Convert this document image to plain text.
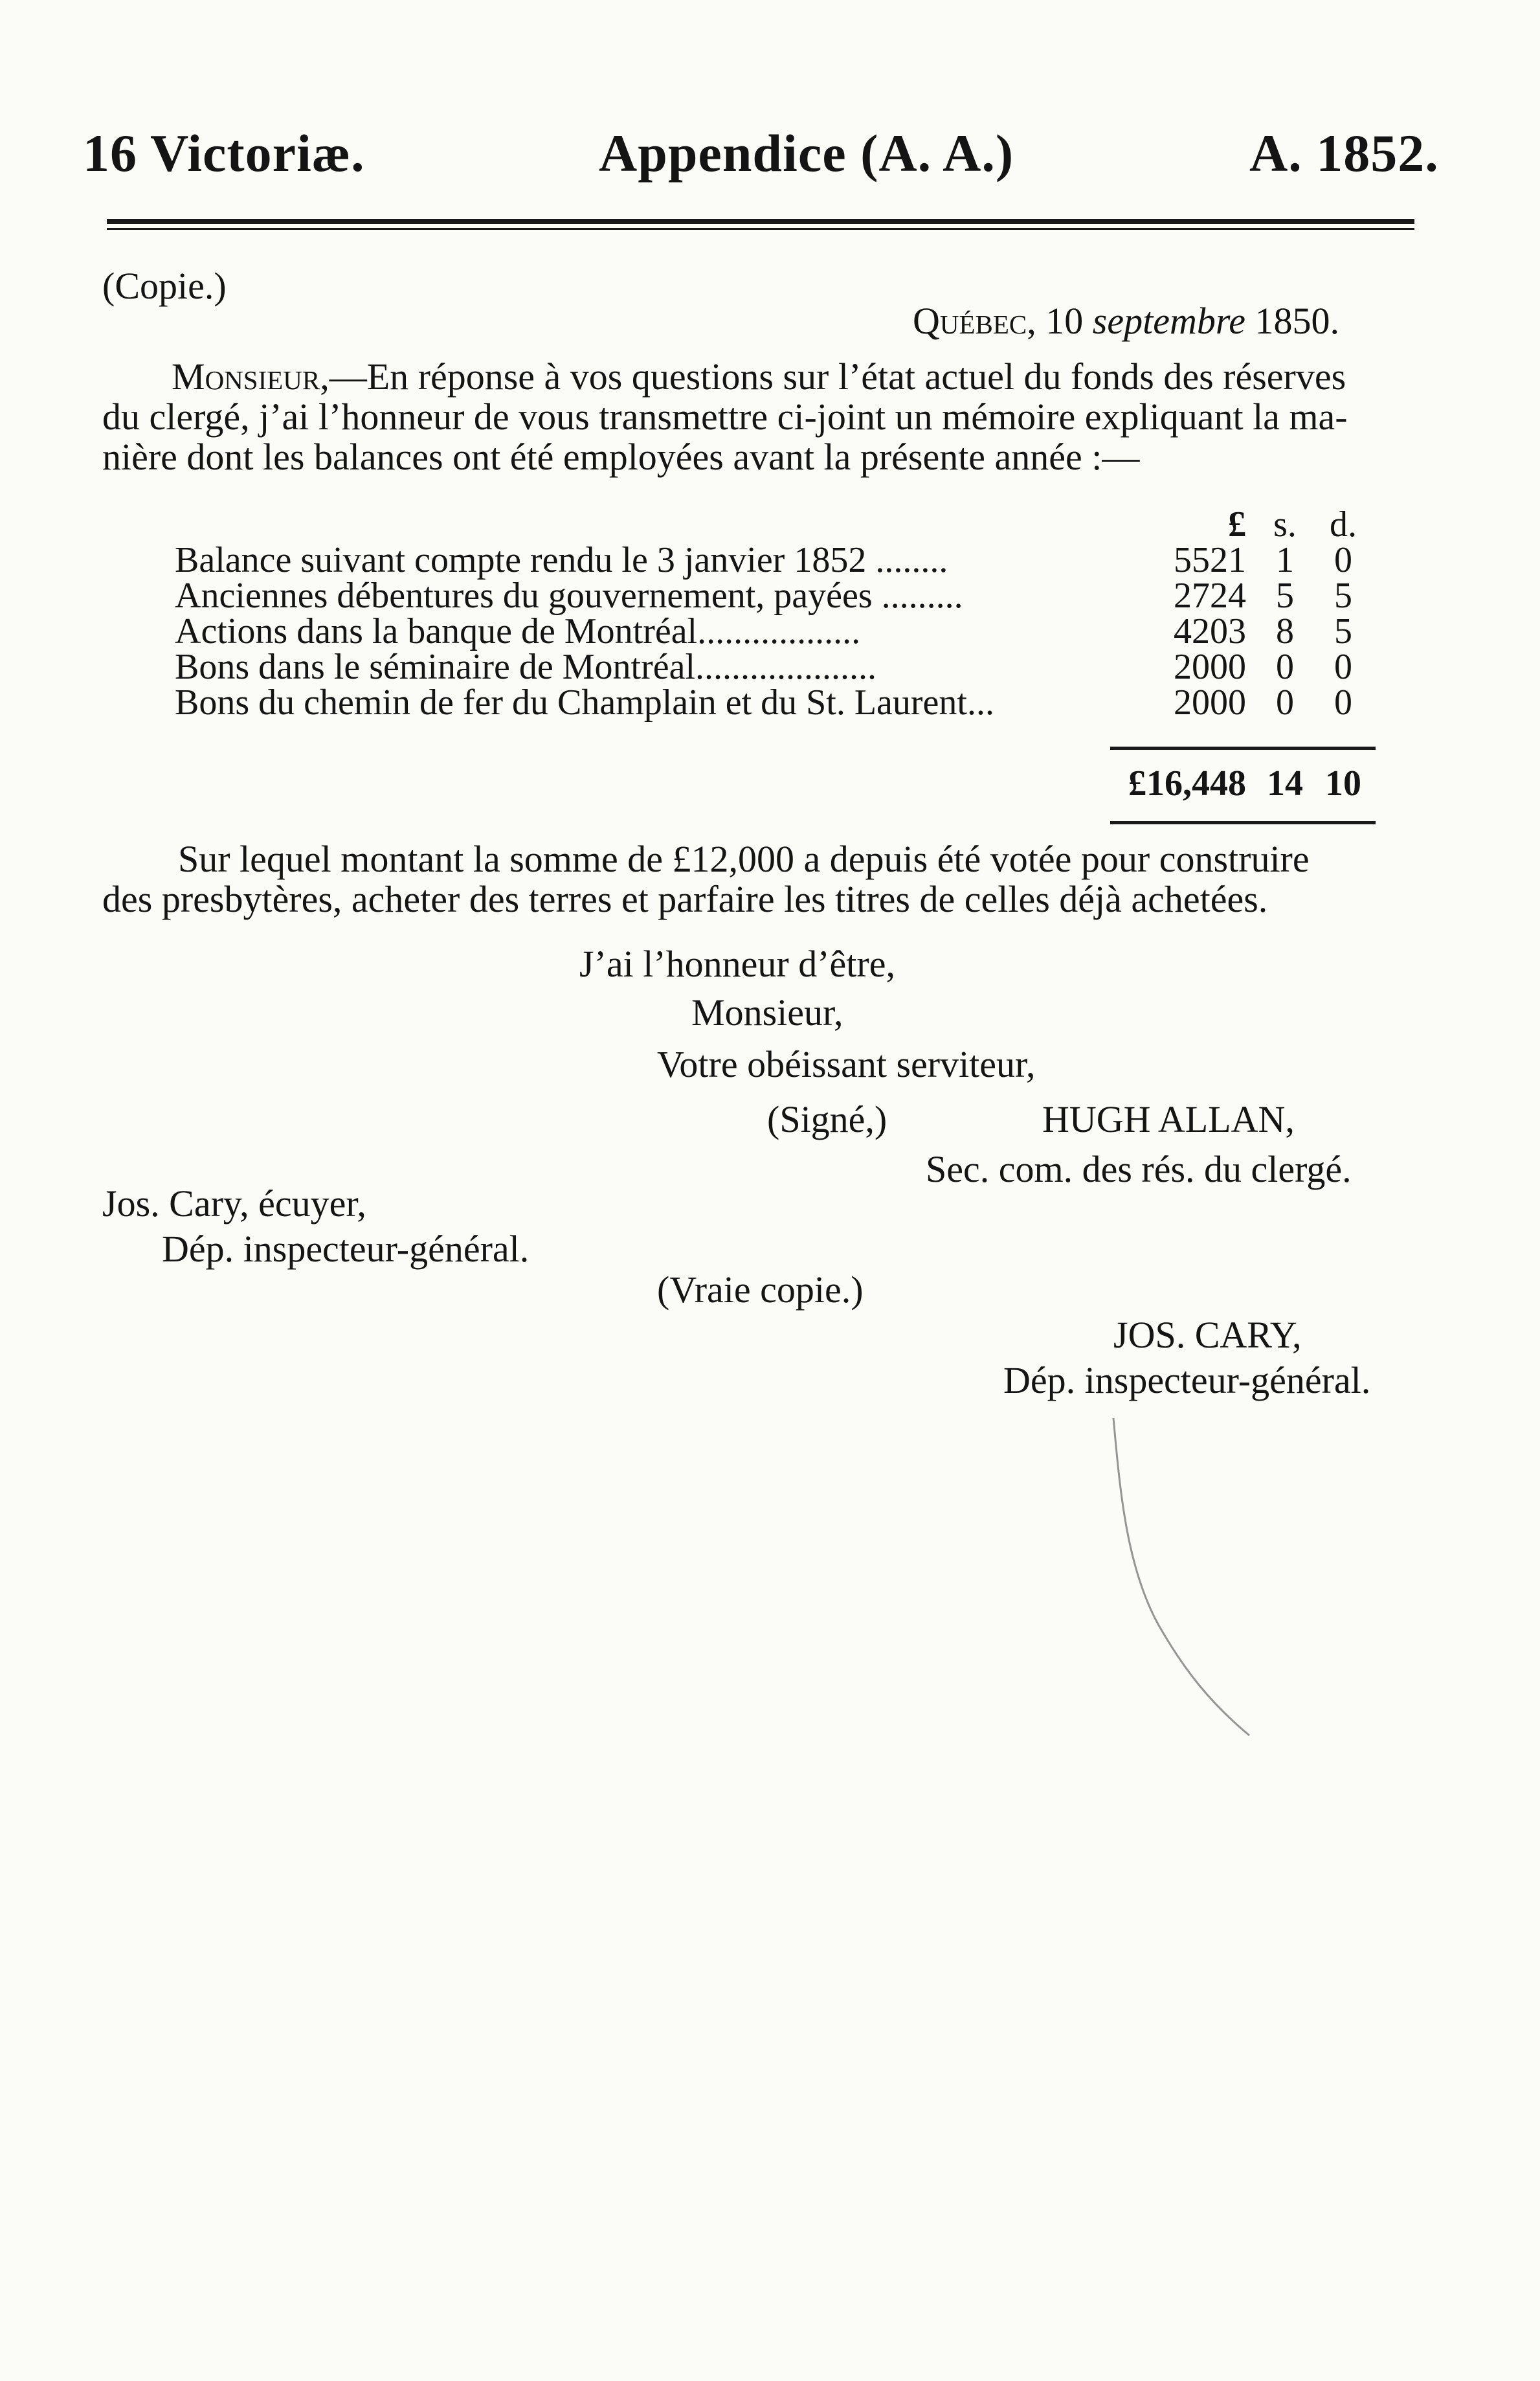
16 Victoriæ.	Appendice (A. A.)	A. 1852.
(Copie.)
Québec, 10 septembre 1850.
Monsieur,—En réponse à vos questions sur l’état actuel du fonds des réserves
du clergé, j’ai l’honneur de vous transmettre ci-joint un mémoire expliquant la ma-
nière dont les balances ont été employées avant la présente année :—
£ s. d.
Balance suivant compte rendu le 3 janvier 1852 ........	5521 1	0
Anciennes débentures du gouvernement, payées .........	2724 5	5
Actions dans la banque de Montréal..................	4203 8	5
Bons dans le séminaire de Montréal....................	2000 0	0
Bons du chemin de fer du Champlain et du St. Laurent...	2000 0	0
£16,448 14 10
Sur lequel montant la somme de £12,000 a depuis été votée pour construire
des presbytères, acheter des terres et parfaire les titres de celles déjà achetées.
J’ai l’honneur d’être,
Monsieur,
Votre obéissant serviteur,
(Signé,)	HUGH ALLAN,
Sec. com. des rés. du clergé.
Jos. Cary, écuyer,
Dép. inspecteur-général.
(Vraie copie.)
JOS. CARY,
Dép. inspecteur-général.
